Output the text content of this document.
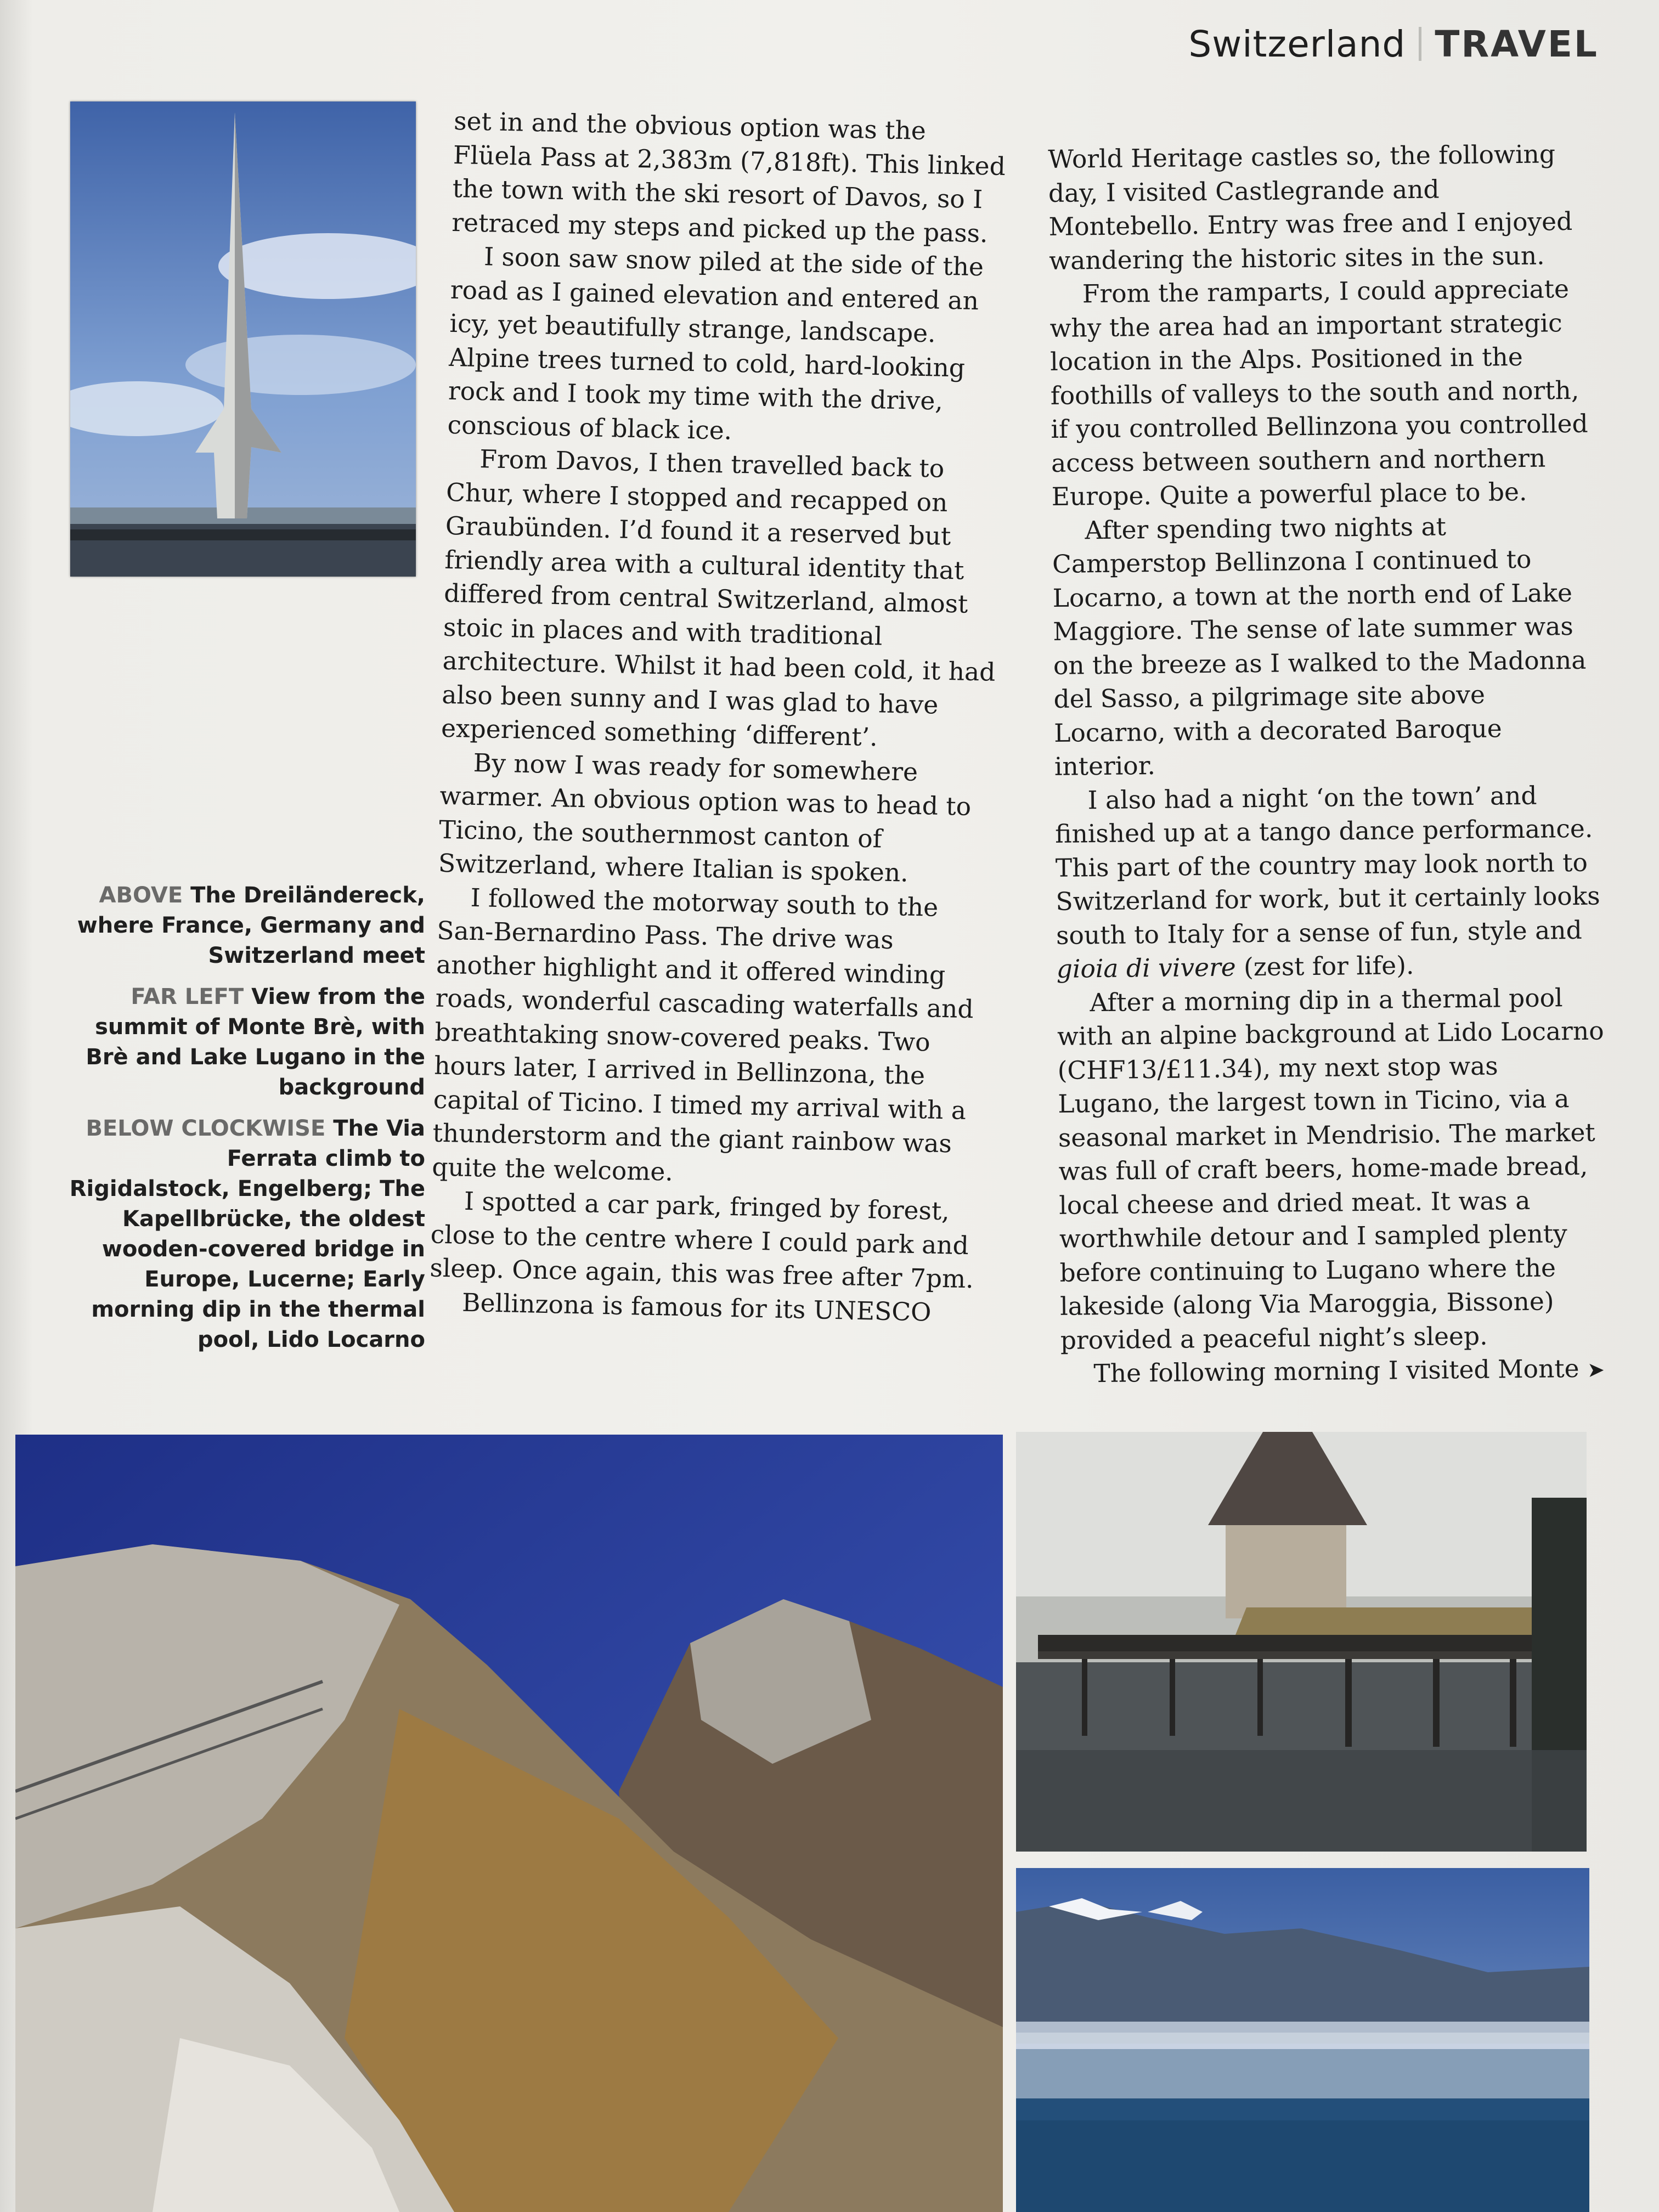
Switzerland TRAVEL

ABOVE The Dreiländereck, where France, Germany and Switzerland meet

FAR LEFT View from the summit of Monte Brè, with Brè and Lake Lugano in the background

BELOW CLOCKWISE The Via Ferrata climb to Rigidalstock, Engelberg; The Kapellbrücke, the oldest wooden-covered bridge in Europe, Lucerne; Early morning dip in the thermal pool, Lido Locarno

set in and the obvious option was the Flüela Pass at 2,383m (7,818ft). This linked the town with the ski resort of Davos, so I retraced my steps and picked up the pass.

I soon saw snow piled at the side of the road as I gained elevation and entered an icy, yet beautifully strange, landscape. Alpine trees turned to cold, hard-looking rock and I took my time with the drive, conscious of black ice.

From Davos, I then travelled back to Chur, where I stopped and recapped on Graubünden. I’d found it a reserved but friendly area with a cultural identity that differed from central Switzerland, almost stoic in places and with traditional architecture. Whilst it had been cold, it had also been sunny and I was glad to have experienced something ‘different’.

By now I was ready for somewhere warmer. An obvious option was to head to Ticino, the southernmost canton of Switzerland, where Italian is spoken.

I followed the motorway south to the San-Bernardino Pass. The drive was another highlight and it offered winding roads, wonderful cascading waterfalls and breathtaking snow-covered peaks. Two hours later, I arrived in Bellinzona, the capital of Ticino. I timed my arrival with a thunderstorm and the giant rainbow was quite the welcome.

I spotted a car park, fringed by forest, close to the centre where I could park and sleep. Once again, this was free after 7pm.

Bellinzona is famous for its UNESCO

World Heritage castles so, the following day, I visited Castlegrande and Montebello. Entry was free and I enjoyed wandering the historic sites in the sun.

From the ramparts, I could appreciate why the area had an important strategic location in the Alps. Positioned in the foothills of valleys to the south and north, if you controlled Bellinzona you controlled access between southern and northern Europe. Quite a powerful place to be.

After spending two nights at Camperstop Bellinzona I continued to Locarno, a town at the north end of Lake Maggiore. The sense of late summer was on the breeze as I walked to the Madonna del Sasso, a pilgrimage site above Locarno, with a decorated Baroque interior.

I also had a night ‘on the town’ and finished up at a tango dance performance. This part of the country may look north to Switzerland for work, but it certainly looks south to Italy for a sense of fun, style and gioia di vivere (zest for life).

After a morning dip in a thermal pool with an alpine background at Lido Locarno (CHF13/£11.34), my next stop was Lugano, the largest town in Ticino, via a seasonal market in Mendrisio. The market was full of craft beers, home-made bread, local cheese and dried meat. It was a worthwhile detour and I sampled plenty before continuing to Lugano where the lakeside (along Via Maroggia, Bissone) provided a peaceful night’s sleep.

The following morning I visited Monte ➤
